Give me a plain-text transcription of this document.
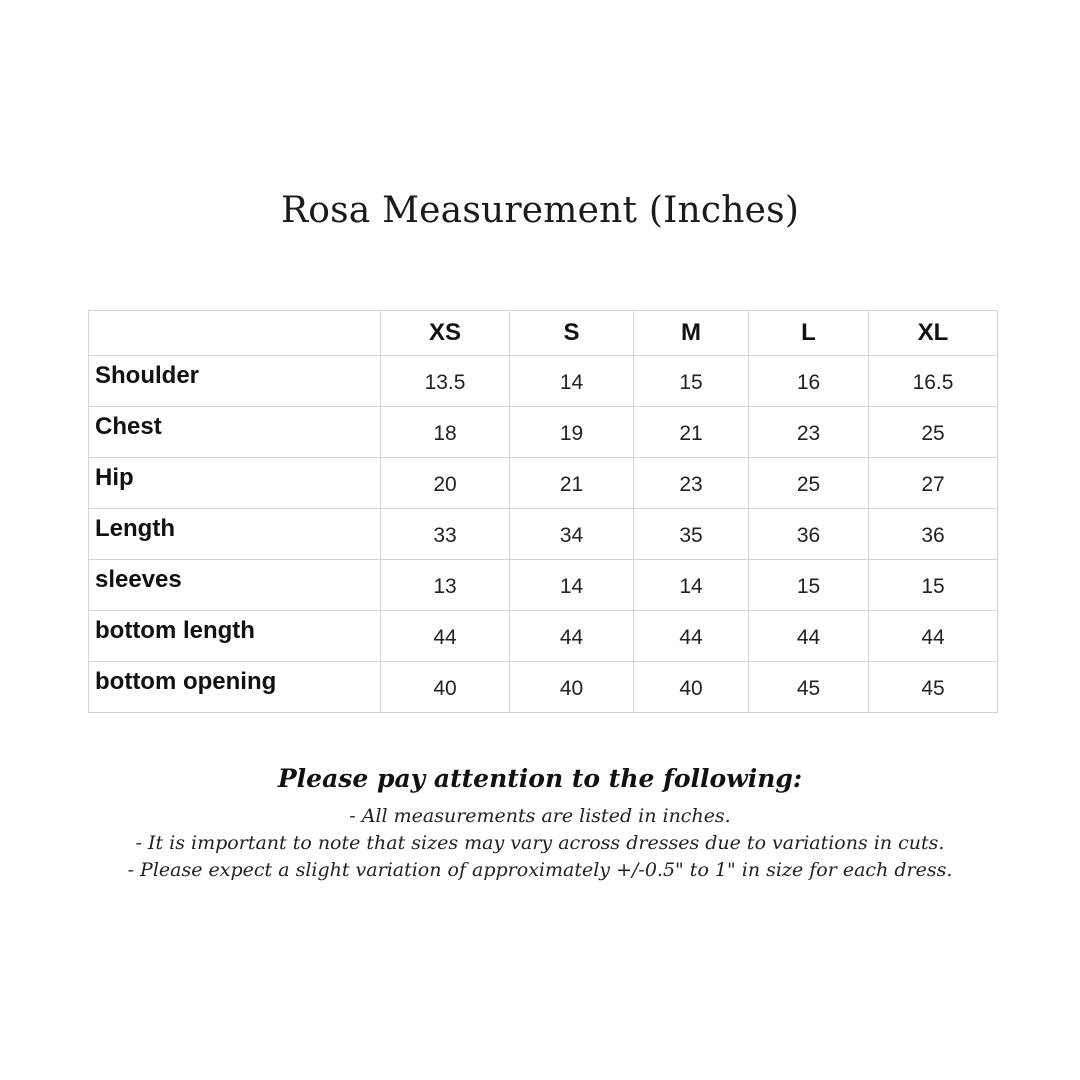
Rosa Measurement (Inches)
	XS	S	M	L	XL
Shoulder	13.5	14	15	16	16.5
Chest	18	19	21	23	25
Hip	20	21	23	25	27
Length	33	34	35	36	36
sleeves	13	14	14	15	15
bottom length	44	44	44	44	44
bottom opening	40	40	40	45	45

Please pay attention to the following:

- All measurements are listed in inches.

- It is important to note that sizes may vary across dresses due to variations in cuts.

- Please expect a slight variation of approximately +/-0.5" to 1" in size for each dress.
